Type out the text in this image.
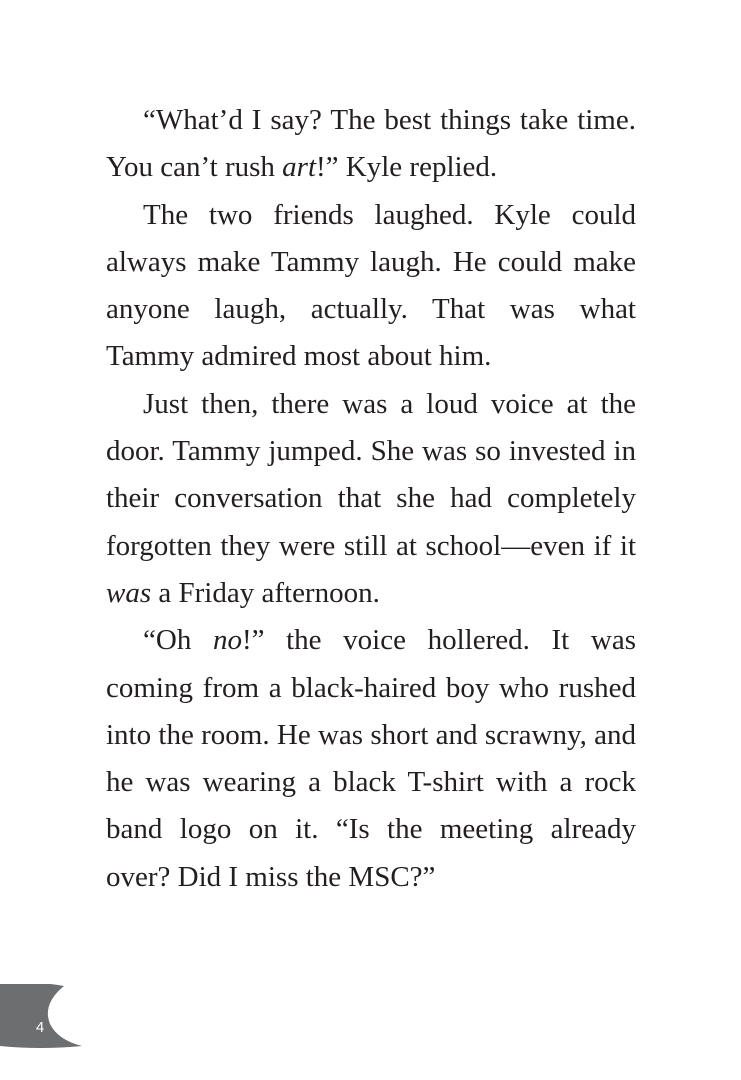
“What’d I say? The best things take time. You can’t rush art!” Kyle replied.

The two friends laughed. Kyle could always make Tammy laugh. He could make anyone laugh, actually. That was what Tammy admired most about him.

Just then, there was a loud voice at the door. Tammy jumped. She was so invested in their conversation that she had completely forgotten they were still at school—even if it was a Friday afternoon.

“Oh no!” the voice hollered. It was coming from a black-haired boy who rushed into the room. He was short and scrawny, and he was wearing a black T-shirt with a rock band logo on it. “Is the meeting already over? Did I miss the MSC?”

4
